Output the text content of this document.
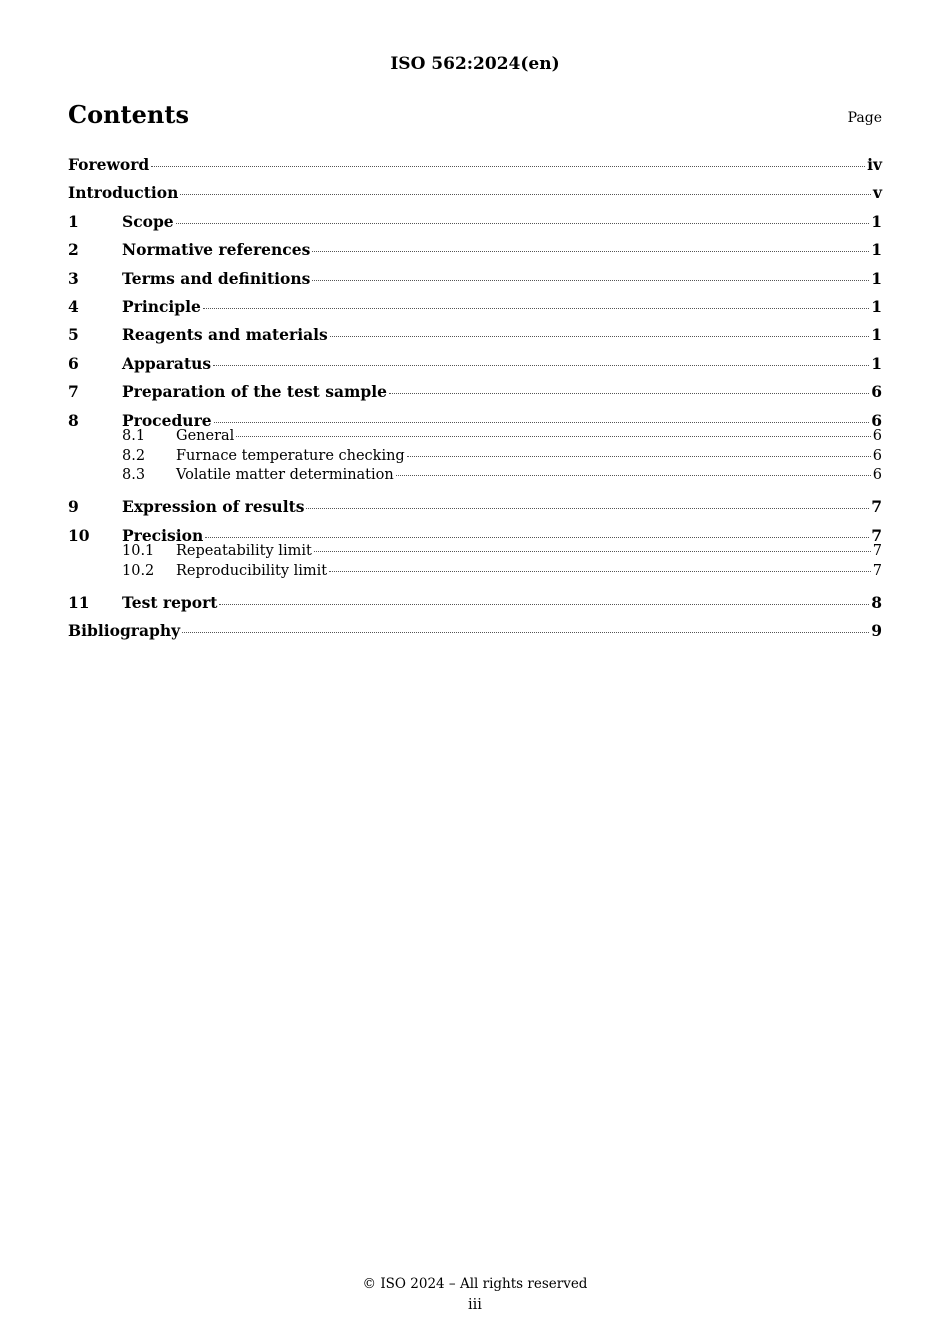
ISO 562:2024(en)
Contents	Page
Foreword	iv
Introduction	v
1	Scope	1
2	Normative references	1
3	Terms and definitions	1
4	Principle	1
5	Reagents and materials	1
6	Apparatus	1
7	Preparation of the test sample	6
8	Procedure	6
8.1	General	6
8.2	Furnace temperature checking	6
8.3	Volatile matter determination	6
9	Expression of results	7
10	Precision	7
10.1	Repeatability limit	7
10.2	Reproducibility limit	7
11	Test report	8
Bibliography	9
© ISO 2024 – All rights reserved
iii
